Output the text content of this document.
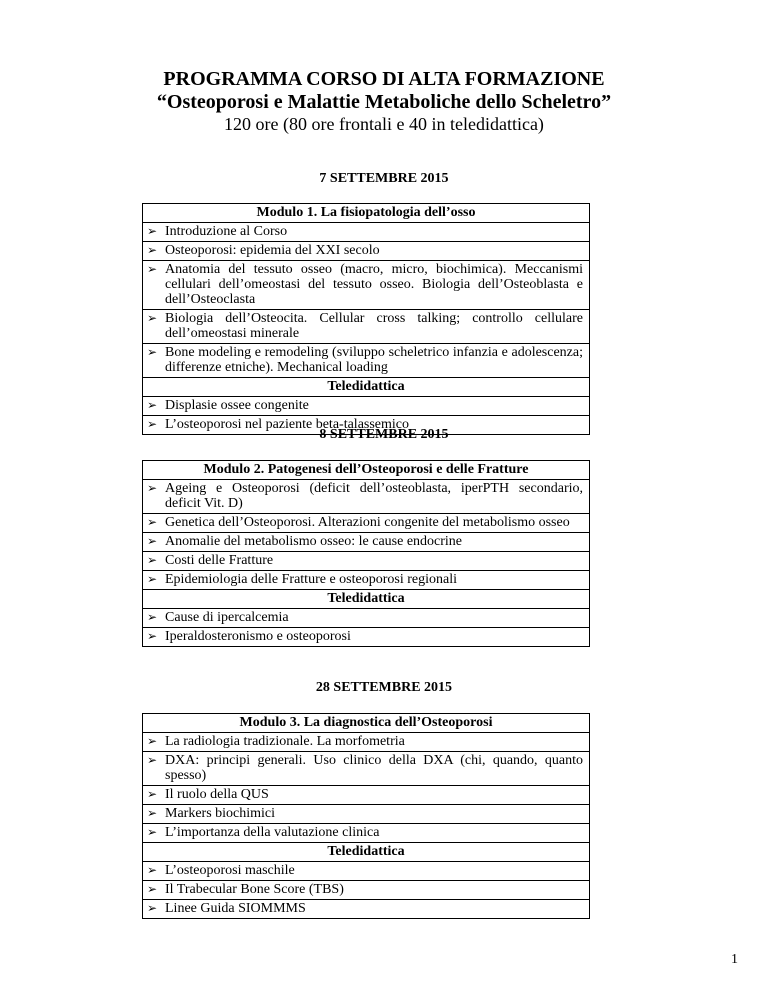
PROGRAMMA CORSO DI ALTA FORMAZIONE
“Osteoporosi e Malattie Metaboliche dello Scheletro”
120 ore (80 ore frontali e 40 in teledidattica)
7 SETTEMBRE 2015
Modulo 1. La fisiopatologia dell’osso

➢ Introduzione al Corso

➢ Osteoporosi: epidemia del XXI secolo

➢ Anatomia del tessuto osseo (macro, micro, biochimica). Meccanismi cellulari dell’omeostasi del tessuto osseo. Biologia dell’Osteoblasta e dell’Osteoclasta

➢ Biologia dell’Osteocita. Cellular cross talking; controllo cellulare dell’omeostasi minerale

➢ Bone modeling e remodeling (sviluppo scheletrico infanzia e adolescenza; differenze etniche). Mechanical loading
Teledidattica

➢ Displasie ossee congenite

➢ L’osteoporosi nel paziente beta-talassemico
8 SETTEMBRE 2015
Modulo 2. Patogenesi dell’Osteoporosi e delle Fratture

➢ Ageing e Osteoporosi (deficit dell’osteoblasta, iperPTH secondario, deficit Vit. D)

➢ Genetica dell’Osteoporosi. Alterazioni congenite del metabolismo osseo

➢ Anomalie del metabolismo osseo: le cause endocrine

➢ Costi delle Fratture

➢ Epidemiologia delle Fratture e osteoporosi regionali
Teledidattica

➢ Cause di ipercalcemia

➢ Iperaldosteronismo e osteoporosi
28 SETTEMBRE 2015
Modulo 3. La diagnostica dell’Osteoporosi

➢ La radiologia tradizionale. La morfometria

➢ DXA: principi generali. Uso clinico della DXA (chi, quando, quanto spesso)

➢ Il ruolo della QUS

➢ Markers biochimici

➢ L’importanza della valutazione clinica
Teledidattica

➢ L’osteoporosi maschile

➢ Il Trabecular Bone Score (TBS)

➢ Linee Guida SIOMMMS
1
